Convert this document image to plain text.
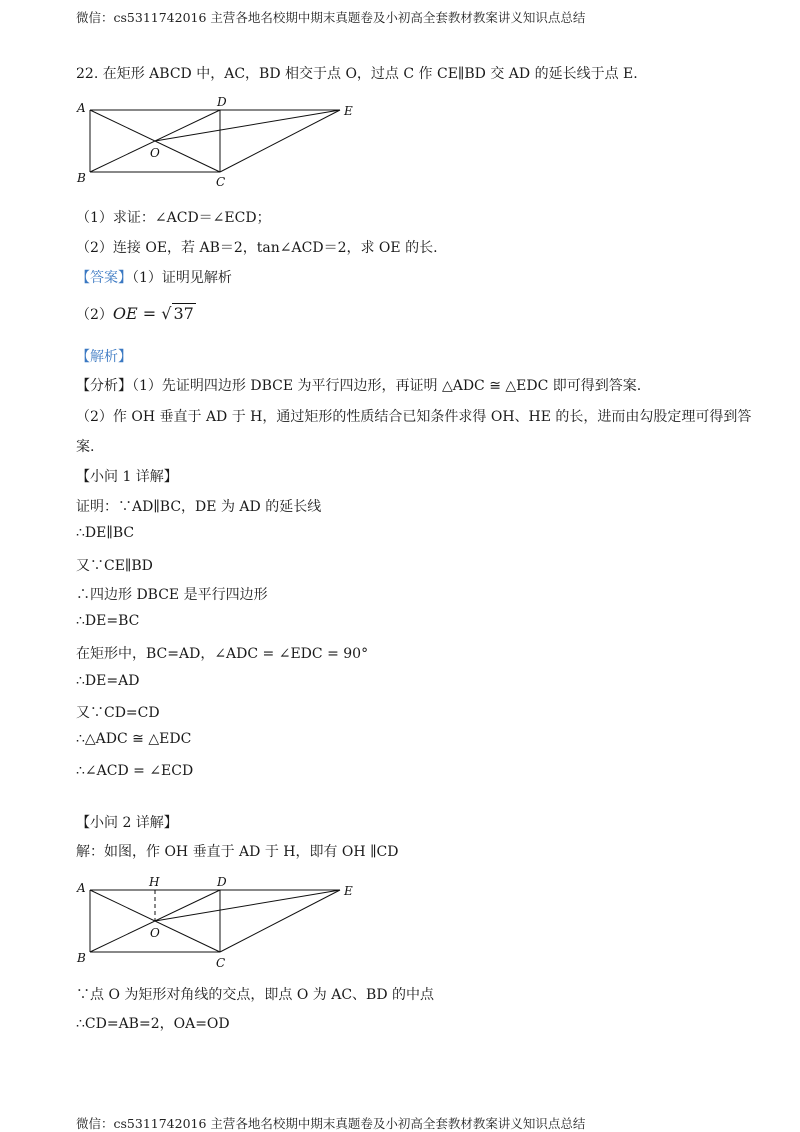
微信：cs5311742016 主营各地名校期中期末真题卷及小初高全套教材教案讲义知识点总结
22. 在矩形 ABCD 中，AC，BD 相交于点 O，过点 C 作 CE∥BD 交 AD 的延长线于点 E.
A
B	C
D
E
O
（1）求证：∠ACD＝∠ECD；
（2）连接 OE，若 AB＝2，tan∠ACD＝2，求 OE 的长.
【答案】（1）证明见解析
（2）OE = √ 37
【解析】
【分析】（1）先证明四边形 DBCE 为平行四边形，再证明 △ADC ≅ △EDC 即可得到答案.
（2）作 OH 垂直于 AD 于 H，通过矩形的性质结合已知条件求得 OH、HE 的长，进而由勾股定理可得到答
案.
【小问 1 详解】
证明：∵AD∥BC，DE 为 AD 的延长线
∴DE∥BC
又∵CE∥BD
∴四边形 DBCE 是平行四边形
∴DE=BC
在矩形中，BC=AD，∠ADC = ∠EDC = 90°
∴DE=AD
又∵CD=CD
∴△ADC ≅ △EDC
∴∠ACD = ∠ECD
【小问 2 详解】
解：如图，作 OH 垂直于 AD 于 H，即有 OH ∥CD
A
B	C
D
E
O
H
∵点 O 为矩形对角线的交点，即点 O 为 AC、BD 的中点
∴CD=AB=2，OA=OD
微信：cs5311742016 主营各地名校期中期末真题卷及小初高全套教材教案讲义知识点总结
